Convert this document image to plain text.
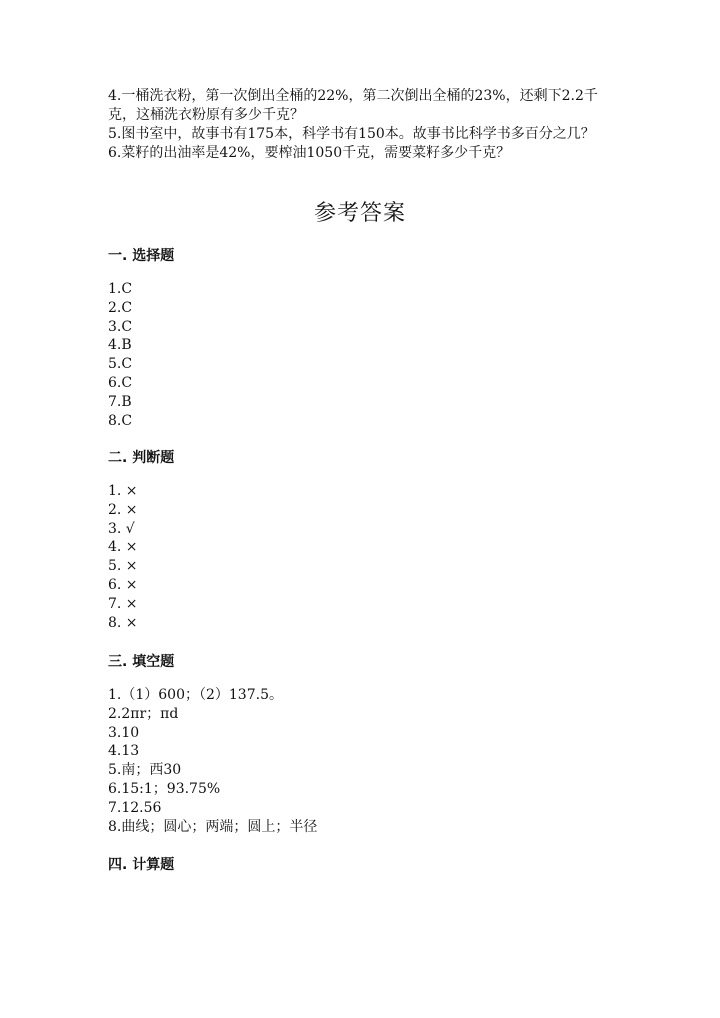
4.一桶洗衣粉，第一次倒出全桶的22%，第二次倒出全桶的23%，还剩下2.2千克，这桶洗衣粉原有多少千克？

5.图书室中，故事书有175本，科学书有150本。故事书比科学书多百分之几？

6.菜籽的出油率是42%，要榨油1050千克，需要菜籽多少千克？

参考答案
一. 选择题
1.C
2.C
3.C
4.B
5.C
6.C
7.B
8.C
二. 判断题
1. ×
2. ×
3. √
4. ×
5. ×
6. ×
7. ×
8. ×
三. 填空题
1.（1）600；（2）137.5。
2.2πr；πd
3.10
4.13
5.南；西30
6.15:1；93.75%
7.12.56
8.曲线；圆心；两端；圆上；半径
四. 计算题
